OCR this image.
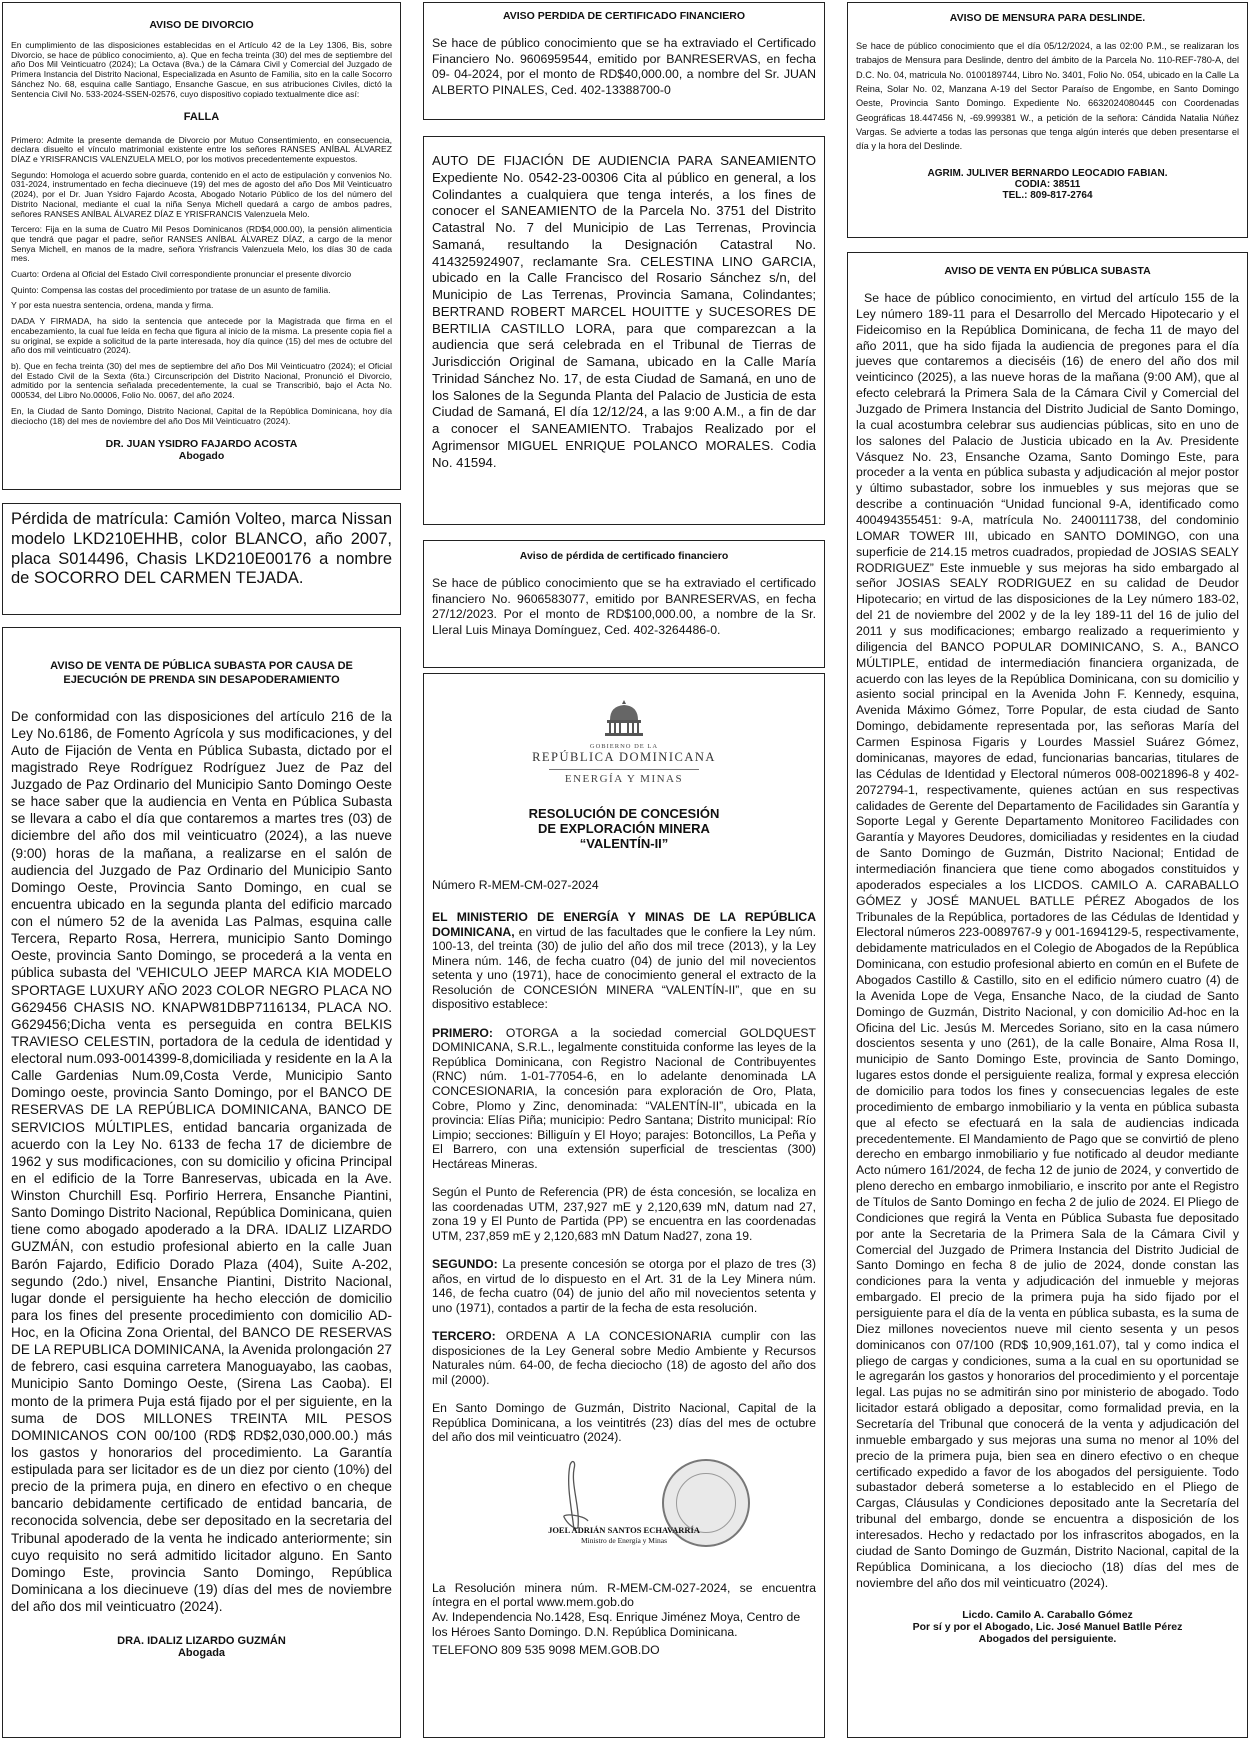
AVISO DE DIVORCIO

En cumplimiento de las disposiciones establecidas en el Artículo 42 de la Ley 1306, Bis, sobre Divorcio, se hace de público conocimiento, a). Que en fecha treinta (30) del mes de septiembre del año Dos Mil Veinticuatro (2024); La Octava (8va.) de la Cámara Civil y Comercial del Juzgado de Primera Instancia del Distrito Nacional, Especializada en Asunto de Familia, sito en la calle Socorro Sánchez No. 68, esquina calle Santiago, Ensanche Gascue, en sus atribuciones Civiles, dictó la Sentencia Civil No. 533-2024-SSEN-02576, cuyo dispositivo copiado textualmente dice así:

FALLA

Primero: Admite la presente demanda de Divorcio por Mutuo Consentimiento, en consecuencia, declara disuelto el vínculo matrimonial existente entre los señores RANSES ANÍBAL ÁLVAREZ DÍAZ e YRISFRANCIS VALENZUELA MELO, por los motivos precedentemente expuestos.

Segundo: Homologa el acuerdo sobre guarda, contenido en el acto de estipulación y convenios No. 031-2024, instrumentado en fecha diecinueve (19) del mes de agosto del año Dos Mil Veinticuatro (2024), por el Dr. Juan Ysidro Fajardo Acosta, Abogado Notario Público de los del número del Distrito Nacional, mediante el cual la niña Senya Michell quedará a cargo de ambos padres, señores RANSES ANÍBAL ÁLVAREZ DÍAZ E YRISFRANCIS Valenzuela Melo.

Tercero: Fija en la suma de Cuatro Mil Pesos Dominicanos (RD$4,000.00), la pensión alimenticia que tendrá que pagar el padre, señor RANSES ANÍBAL ÁLVAREZ DÍAZ, a cargo de la menor Senya Michell, en manos de la madre, señora Yrisfrancis Valenzuela Melo, los días 30 de cada mes.

Cuarto: Ordena al Oficial del Estado Civil correspondiente pronunciar el presente divorcio

Quinto: Compensa las costas del procedimiento por tratase de un asunto de familia.

Y por esta nuestra sentencia, ordena, manda y firma.

DADA Y FIRMADA, ha sido la sentencia que antecede por la Magistrada que firma en el encabezamiento, la cual fue leída en fecha que figura al inicio de la misma. La presente copia fiel a su original, se expide a solicitud de la parte interesada, hoy día quince (15) del mes de octubre del año dos mil veinticuatro (2024).

b). Que en fecha treinta (30) del mes de septiembre del año Dos Mil Veinticuatro (2024); el Oficial del Estado Civil de la Sexta (6ta.) Circunscripción del Distrito Nacional, Pronunció el Divorcio, admitido por la sentencia señalada precedentemente, la cual se Transcribió, bajo el Acta No. 000534, del Libro No.00006, Folio No. 0067, del año 2024.

En, la Ciudad de Santo Domingo, Distrito Nacional, Capital de la República Dominicana, hoy día dieciocho (18) del mes de noviembre del año Dos Mil Veinticuatro (2024).

DR. JUAN YSIDRO FAJARDO ACOSTA
Abogado

Pérdida de matrícula: Camión Volteo, marca Nissan modelo LKD210EHHB, color BLANCO, año 2007, placa S014496, Chasis LKD210E00176 a nombre de SOCORRO DEL CARMEN TEJADA.

AVISO DE VENTA DE PÚBLICA SUBASTA POR CAUSA DE EJECUCIÓN DE PRENDA SIN DESAPODERAMIENTO

De conformidad con las disposiciones del artículo 216 de la Ley No.6186, de Fomento Agrícola y sus modificaciones, y del Auto de Fijación de Venta en Pública Subasta, dictado por el magistrado Reye Rodríguez Rodríguez Juez de Paz del Juzgado de Paz Ordinario del Municipio Santo Domingo Oeste se hace saber que la audiencia en Venta en Pública Subasta se llevara a cabo el día que contaremos a martes tres (03) de diciembre del año dos mil veinticuatro (2024), a las nueve (9:00) horas de la mañana, a realizarse en el salón de audiencia del Juzgado de Paz Ordinario del Municipio Santo Domingo Oeste, Provincia Santo Domingo, en cual se encuentra ubicado en la segunda planta del edificio marcado con el número 52 de la avenida Las Palmas, esquina calle Tercera, Reparto Rosa, Herrera, municipio Santo Domingo Oeste, provincia Santo Domingo, se procederá a la venta en pública subasta del 'VEHICULO JEEP MARCA KIA MODELO SPORTAGE LUXURY AÑO 2023 COLOR NEGRO PLACA NO G629456 CHASIS NO. KNAPW81DBP7116134, PLACA NO. G629456;Dicha venta es perseguida en contra BELKIS TRAVIESO CELESTIN, portadora de la cedula de identidad y electoral num.093-0014399-8,domiciliada y residente en la A la Calle Gardenias Num.09,Costa Verde, Municipio Santo Domingo oeste, provincia Santo Domingo, por el BANCO DE RESERVAS DE LA REPÚBLICA DOMINICANA, BANCO DE SERVICIOS MÚLTIPLES, entidad bancaria organizada de acuerdo con la Ley No. 6133 de fecha 17 de diciembre de 1962 y sus modificaciones, con su domicilio y oficina Principal en el edificio de la Torre Banreservas, ubicada en la Ave. Winston Churchill Esq. Porfirio Herrera, Ensanche Piantini, Santo Domingo Distrito Nacional, República Dominicana, quien tiene como abogado apoderado a la DRA. IDALIZ LIZARDO GUZMÁN, con estudio profesional abierto en la calle Juan Barón Fajardo, Edificio Dorado Plaza (404), Suite A-202, segundo (2do.) nivel, Ensanche Piantini, Distrito Nacional, lugar donde el persiguiente ha hecho elección de domicilio para los fines del presente procedimiento con domicilio AD-Hoc, en la Oficina Zona Oriental, del BANCO DE RESERVAS DE LA REPUBLICA DOMINICANA, la Avenida prolongación 27 de febrero, casi esquina carretera Manoguayabo, las caobas, Municipio Santo Domingo Oeste, (Sirena Las Caoba). El monto de la primera Puja está fijado por el per siguiente, en la suma de DOS MILLONES TREINTA MIL PESOS DOMINICANOS CON 00/100 (RD$ RD$2,030,000.00.) más los gastos y honorarios del procedimiento. La Garantía estipulada para ser licitador es de un diez por ciento (10%) del precio de la primera puja, en dinero en efectivo o en cheque bancario debidamente certificado de entidad bancaria, de reconocida solvencia, debe ser depositado en la secretaria del Tribunal apoderado de la venta he indicado anteriormente; sin cuyo requisito no será admitido licitador alguno. En Santo Domingo Este, provincia Santo Domingo, República Dominicana a los diecinueve (19) días del mes de noviembre del año dos mil veinticuatro (2024).

DRA. IDALIZ LIZARDO GUZMÁN
Abogada
AVISO PERDIDA DE CERTIFICADO FINANCIERO

Se hace de público conocimiento que se ha extraviado el Certificado Financiero No. 9606959544, emitido por BANRESERVAS, en fecha 09- 04-2024, por el monto de RD$40,000.00, a nombre del Sr. JUAN ALBERTO PINALES, Ced. 402-13388700-0

AUTO DE FIJACIÓN DE AUDIENCIA PARA SANEAMIENTO Expediente No. 0542-23-00306 Cita al público en general, a los Colindantes a cualquiera que tenga interés, a los fines de conocer el SANEAMIENTO de la Parcela No. 3751 del Distrito Catastral No. 7 del Municipio de Las Terrenas, Provincia Samaná, resultando la Designación Catastral No. 414325924907, reclamante Sra. CELESTINA LINO GARCIA, ubicado en la Calle Francisco del Rosario Sánchez s/n, del Municipio de Las Terrenas, Provincia Samana, Colindantes; BERTRAND ROBERT MARCEL HOUITTE y SUCESORES DE BERTILIA CASTILLO LORA, para que comparezcan a la audiencia que será celebrada en el Tribunal de Tierras de Jurisdicción Original de Samana, ubicado en la Calle María Trinidad Sánchez No. 17, de esta Ciudad de Samaná, en uno de los Salones de la Segunda Planta del Palacio de Justicia de esta Ciudad de Samaná, El día 12/12/24, a las 9:00 A.M., a fin de dar a conocer el SANEAMIENTO. Trabajos Realizado por el Agrimensor MIGUEL ENRIQUE POLANCO MORALES. Codia No. 41594.

Aviso de pérdida de certificado financiero

Se hace de público conocimiento que se ha extraviado el certificado financiero No. 9606583077, emitido por BANRESERVAS, en fecha 27/12/2023. Por el monto de RD$100,000.00, a nombre de la Sr. Lleral Luis Minaya Domínguez, Ced. 402-3264486-0.

GOBIERNO DE LA
REPÚBLICA DOMINICANA
ENERGÍA Y MINAS
RESOLUCIÓN DE CONCESIÓN
DE EXPLORACIÓN MINERA
“VALENTÍN-II”

Número R-MEM-CM-027-2024

EL MINISTERIO DE ENERGÍA Y MINAS DE LA REPÚBLICA DOMINICANA, en virtud de las facultades que le confiere la Ley núm. 100-13, del treinta (30) de julio del año dos mil trece (2013), y la Ley Minera núm. 146, de fecha cuatro (04) de junio del mil novecientos setenta y uno (1971), hace de conocimiento general el extracto de la Resolución de CONCESIÓN MINERA “VALENTÍN-II”, que en su dispositivo establece:

PRIMERO: OTORGA a la sociedad comercial GOLDQUEST DOMINICANA, S.R.L., legalmente constituida conforme las leyes de la República Dominicana, con Registro Nacional de Contribuyentes (RNC) núm. 1-01-77054-6, en lo adelante denominada LA CONCESIONARIA, la concesión para exploración de Oro, Plata, Cobre, Plomo y Zinc, denominada: “VALENTÍN-II”, ubicada en la provincia: Elías Piña; municipio: Pedro Santana; Distrito municipal: Río Limpio; secciones: Billiguín y El Hoyo; parajes: Botoncillos, La Peña y El Barrero, con una extensión superficial de trescientas (300) Hectáreas Mineras.

Según el Punto de Referencia (PR) de ésta concesión, se localiza en las coordenadas UTM, 237,927 mE y 2,120,639 mN, datum nad 27, zona 19 y El Punto de Partida (PP) se encuentra en las coordenadas UTM, 237,859 mE y 2,120,683 mN Datum Nad27, zona 19.

SEGUNDO: La presente concesión se otorga por el plazo de tres (3) años, en virtud de lo dispuesto en el Art. 31 de la Ley Minera núm. 146, de fecha cuatro (04) de junio del año mil novecientos setenta y uno (1971), contados a partir de la fecha de esta resolución.

TERCERO: ORDENA A LA CONCESIONARIA cumplir con las disposiciones de la Ley General sobre Medio Ambiente y Recursos Naturales núm. 64-00, de fecha dieciocho (18) de agosto del año dos mil (2000).

En Santo Domingo de Guzmán, Distrito Nacional, Capital de la República Dominicana, a los veintitrés (23) días del mes de octubre del año dos mil veinticuatro (2024).

JOEL ADRIÁN SANTOS ECHAVARRÍA
Ministro de Energía y Minas

La Resolución minera núm. R-MEM-CM-027-2024, se encuentra íntegra en el portal www.mem.gob.do

Av. Independencia No.1428, Esq. Enrique Jiménez Moya, Centro de los Héroes Santo Domingo. D.N. República Dominicana.

TELEFONO 809 535 9098 MEM.GOB.DO

AVISO DE MENSURA PARA DESLINDE.

Se hace de público conocimiento que el día 05/12/2024, a las 02:00 P.M., se realizaran los trabajos de Mensura para Deslinde, dentro del ámbito de la Parcela No. 110-REF-780-A, del D.C. No. 04, matricula No. 0100189744, Libro No. 3401, Folio No. 054, ubicado en la Calle La Reina, Solar No. 02, Manzana A-19 del Sector Paraíso de Engombe, en Santo Domingo Oeste, Provincia Santo Domingo. Expediente No. 6632024080445 con Coordenadas Geográficas 18.447456 N, -69.999381 W., a petición de la señora: Cándida Natalia Núñez Vargas. Se advierte a todas las personas que tenga algún interés que deben presentarse el día y la hora del Deslinde.

AGRIM. JULIVER BERNARDO LEOCADIO FABIAN.
CODIA: 38511
TEL.: 809-817-2764
AVISO DE VENTA EN PÚBLICA SUBASTA

Se hace de público conocimiento, en virtud del artículo 155 de la Ley número 189-11 para el Desarrollo del Mercado Hipotecario y el Fideicomiso en la República Dominicana, de fecha 11 de mayo del año 2011, que ha sido fijada la audiencia de pregones para el día jueves que contaremos a dieciséis (16) de enero del año dos mil veinticinco (2025), a las nueve horas de la mañana (9:00 AM), que al efecto celebrará la Primera Sala de la Cámara Civil y Comercial del Juzgado de Primera Instancia del Distrito Judicial de Santo Domingo, la cual acostumbra celebrar sus audiencias públicas, sito en uno de los salones del Palacio de Justicia ubicado en la Av. Presidente Vásquez No. 23, Ensanche Ozama, Santo Domingo Este, para proceder a la venta en pública subasta y adjudicación al mejor postor y último subastador, sobre los inmuebles y sus mejoras que se describe a continuación “Unidad funcional 9-A, identificado como 400494355451: 9-A, matrícula No. 2400111738, del condominio LOMAR TOWER III, ubicado en SANTO DOMINGO, con una superficie de 214.15 metros cuadrados, propiedad de JOSIAS SEALY RODRIGUEZ” Este inmueble y sus mejoras ha sido embargado al señor JOSIAS SEALY RODRIGUEZ en su calidad de Deudor Hipotecario; en virtud de las disposiciones de la Ley número 183-02, del 21 de noviembre del 2002 y de la ley 189-11 del 16 de julio del 2011 y sus modificaciones; embargo realizado a requerimiento y diligencia del BANCO POPULAR DOMINICANO, S. A., BANCO MÚLTIPLE, entidad de intermediación financiera organizada, de acuerdo con las leyes de la República Dominicana, con su domicilio y asiento social principal en la Avenida John F. Kennedy, esquina, Avenida Máximo Gómez, Torre Popular, de esta ciudad de Santo Domingo, debidamente representada por, las señoras María del Carmen Espinosa Figaris y Lourdes Massiel Suárez Gómez, dominicanas, mayores de edad, funcionarias bancarias, titulares de las Cédulas de Identidad y Electoral números 008-0021896-8 y 402-2072794-1, respectivamente, quienes actúan en sus respectivas calidades de Gerente del Departamento de Facilidades sin Garantía y Soporte Legal y Gerente Departamento Monitoreo Facilidades con Garantía y Mayores Deudores, domiciliadas y residentes en la ciudad de Santo Domingo de Guzmán, Distrito Nacional; Entidad de intermediación financiera que tiene como abogados constituidos y apoderados especiales a los LICDOS. CAMILO A. CARABALLO GÓMEZ y JOSÉ MANUEL BATLLE PÉREZ Abogados de los Tribunales de la República, portadores de las Cédulas de Identidad y Electoral números 223-0089767-9 y 001-1694129-5, respectivamente, debidamente matriculados en el Colegio de Abogados de la República Dominicana, con estudio profesional abierto en común en el Bufete de Abogados Castillo & Castillo, sito en el edificio número cuatro (4) de la Avenida Lope de Vega, Ensanche Naco, de la ciudad de Santo Domingo de Guzmán, Distrito Nacional, y con domicilio Ad-hoc en la Oficina del Lic. Jesús M. Mercedes Soriano, sito en la casa número doscientos sesenta y uno (261), de la calle Bonaire, Alma Rosa II, municipio de Santo Domingo Este, provincia de Santo Domingo, lugares estos donde el persiguiente realiza, formal y expresa elección de domicilio para todos los fines y consecuencias legales de este procedimiento de embargo inmobiliario y la venta en pública subasta que al efecto se efectuará en la sala de audiencias indicada precedentemente. El Mandamiento de Pago que se convirtió de pleno derecho en embargo inmobiliario y fue notificado al deudor mediante Acto número 161/2024, de fecha 12 de junio de 2024, y convertido de pleno derecho en embargo inmobiliario, e inscrito por ante el Registro de Títulos de Santo Domingo en fecha 2 de julio de 2024. El Pliego de Condiciones que regirá la Venta en Pública Subasta fue depositado por ante la Secretaria de la Primera Sala de la Cámara Civil y Comercial del Juzgado de Primera Instancia del Distrito Judicial de Santo Domingo en fecha 8 de julio de 2024, donde constan las condiciones para la venta y adjudicación del inmueble y mejoras embargado. El precio de la primera puja ha sido fijado por el persiguiente para el día de la venta en pública subasta, es la suma de Diez millones novecientos nueve mil ciento sesenta y un pesos dominicanos con 07/100 (RD$ 10,909,161.07), tal y como indica el pliego de cargas y condiciones, suma a la cual en su oportunidad se le agregarán los gastos y honorarios del procedimiento y el porcentaje legal. Las pujas no se admitirán sino por ministerio de abogado. Todo licitador estará obligado a depositar, como formalidad previa, en la Secretaría del Tribunal que conocerá de la venta y adjudicación del inmueble embargado y sus mejoras una suma no menor al 10% del precio de la primera puja, bien sea en dinero efectivo o en cheque certificado expedido a favor de los abogados del persiguiente. Todo subastador deberá someterse a lo establecido en el Pliego de Cargas, Cláusulas y Condiciones depositado ante la Secretaría del tribunal del embargo, donde se encuentra a disposición de los interesados. Hecho y redactado por los infrascritos abogados, en la ciudad de Santo Domingo de Guzmán, Distrito Nacional, capital de la República Dominicana, a los dieciocho (18) días del mes de noviembre del año dos mil veinticuatro (2024).

Licdo. Camilo A. Caraballo Gómez
Por sí y por el Abogado, Lic. José Manuel Batlle Pérez
Abogados del persiguiente.
